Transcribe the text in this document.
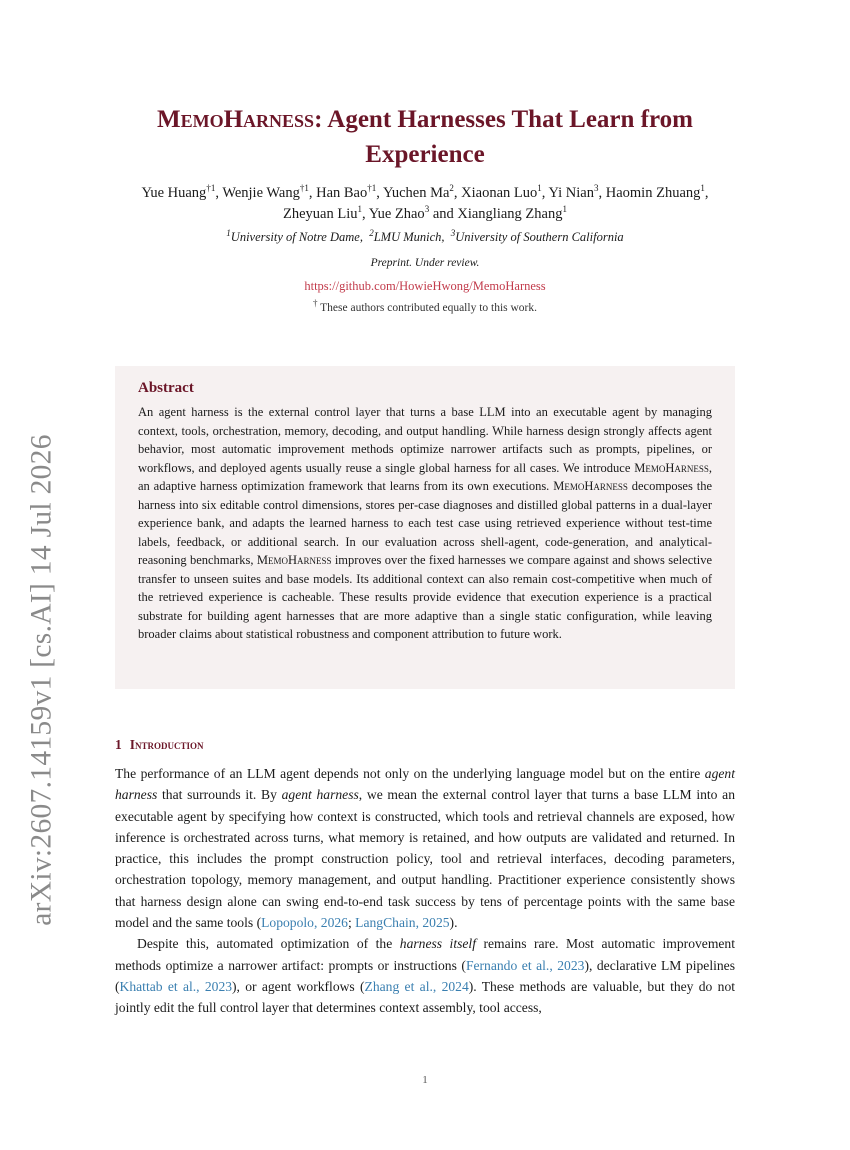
arXiv:2607.14159v1 [cs.AI] 14 Jul 2026
MemoHarness: Agent Harnesses That Learn from Experience
Yue Huang$^{\dagger 1}$, Wenjie Wang$^{\dagger 1}$, Han Bao$^{\dagger 1}$, Yuchen Ma$^2$, Xiaonan Luo$^1$, Yi Nian$^3$, Haomin Zhuang$^1$,
Zheyuan Liu$^1$, Yue Zhao$^3$ and Xiangliang Zhang$^1$
$^1$University of Notre Dame,  $^2$LMU Munich,  $^3$University of Southern California
Preprint. Under review.
https://github.com/HowieHwong/MemoHarness
† These authors contributed equally to this work.
Abstract
An agent harness is the external control layer that turns a base LLM into an executable agent by managing context, tools, orchestration, memory, decoding, and output handling. While harness design strongly affects agent behavior, most automatic improvement methods optimize narrower artifacts such as prompts, pipelines, or workflows, and deployed agents usually reuse a single global harness for all cases. We introduce MemoHarness, an adaptive harness optimization framework that learns from its own executions. MemoHarness decomposes the harness into six editable control dimensions, stores per-case diagnoses and distilled global patterns in a dual-layer experience bank, and adapts the learned harness to each test case using retrieved experience without test-time labels, feedback, or additional search. In our evaluation across shell-agent, code-generation, and analytical-reasoning benchmarks, MemoHarness improves over the fixed harnesses we compare against and shows selective transfer to unseen suites and base models. Its additional context can also remain cost-competitive when much of the retrieved experience is cacheable. These results provide evidence that execution experience is a practical substrate for building agent harnesses that are more adaptive than a single static configuration, while leaving broader claims about statistical robustness and component attribution to future work.
1 Introduction

The performance of an LLM agent depends not only on the underlying language model but on the entire agent harness that surrounds it. By agent harness, we mean the external control layer that turns a base LLM into an executable agent by specifying how context is constructed, which tools and retrieval channels are exposed, how inference is orchestrated across turns, what memory is retained, and how outputs are validated and returned. In practice, this includes the prompt construction policy, tool and retrieval interfaces, decoding parameters, orchestration topology, memory management, and output handling. Practitioner experience consistently shows that harness design alone can swing end-to-end task success by tens of percentage points with the same base model and the same tools (Lopopolo, 2026; LangChain, 2025).

Despite this, automated optimization of the harness itself remains rare. Most automatic improvement methods optimize a narrower artifact: prompts or instructions (Fernando et al., 2023), declarative LM pipelines (Khattab et al., 2023), or agent workflows (Zhang et al., 2024). These methods are valuable, but they do not jointly edit the full control layer that determines context assembly, tool access,

1
